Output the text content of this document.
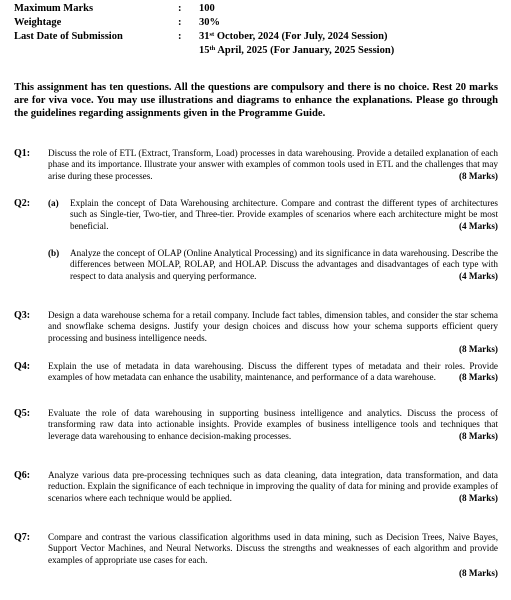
Maximum Marks	: 100
Weightage	: 30%
Last Date of Submission	: 31st October, 2024 (For July, 2024 Session)
15th April, 2025 (For January, 2025 Session)
This assignment has ten questions. All the questions are compulsory and there is no choice. Rest 20 marks are for viva voce. You may use illustrations and diagrams to enhance the explanations. Please go through the guidelines regarding assignments given in the Programme Guide.
Q1: Discuss the role of ETL (Extract, Transform, Load) processes in data warehousing. Provide a detailed explanation of each phase and its importance. Illustrate your answer with examples of common tools used in ETL and the challenges that may arise during these processes.	(8 Marks)
Q2: (a) Explain the concept of Data Warehousing architecture. Compare and contrast the different types of architectures such as Single-tier, Two-tier, and Three-tier. Provide examples of scenarios where each architecture might be most beneficial.	(4 Marks)
(b) Analyze the concept of OLAP (Online Analytical Processing) and its significance in data warehousing. Describe the differences between MOLAP, ROLAP, and HOLAP. Discuss the advantages and disadvantages of each type with respect to data analysis and querying performance.	(4 Marks)
Q3: Design a data warehouse schema for a retail company. Include fact tables, dimension tables, and consider the star schema and snowflake schema designs. Justify your design choices and discuss how your schema supports efficient query processing and business intelligence needs.
(8 Marks)
Q4: Explain the use of metadata in data warehousing. Discuss the different types of metadata and their roles. Provide examples of how metadata can enhance the usability, maintenance, and performance of a data warehouse.	(8 Marks)
Q5: Evaluate the role of data warehousing in supporting business intelligence and analytics. Discuss the process of transforming raw data into actionable insights. Provide examples of business intelligence tools and techniques that leverage data warehousing to enhance decision-making processes.	(8 Marks)
Q6: Analyze various data pre-processing techniques such as data cleaning, data integration, data transformation, and data reduction. Explain the significance of each technique in improving the quality of data for mining and provide examples of scenarios where each technique would be applied.	(8 Marks)
Q7: Compare and contrast the various classification algorithms used in data mining, such as Decision Trees, Naive Bayes, Support Vector Machines, and Neural Networks. Discuss the strengths and weaknesses of each algorithm and provide examples of appropriate use cases for each.
(8 Marks)
